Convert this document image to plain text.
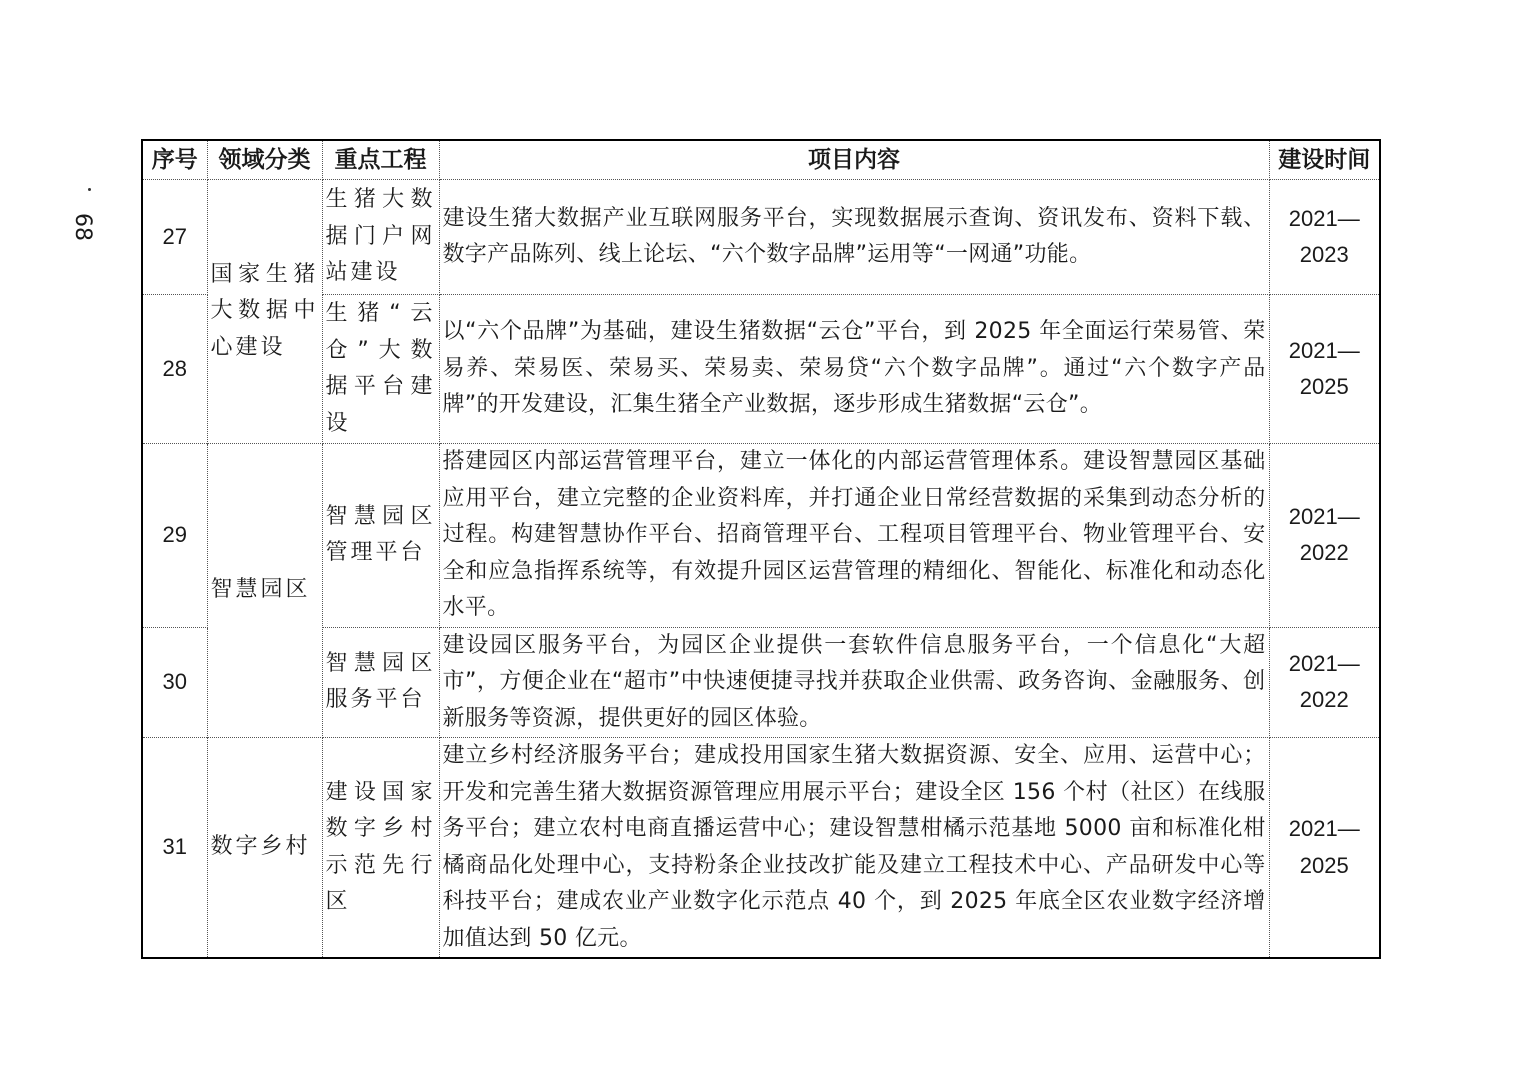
68
序号	领域分类	重点工程	项目内容	建设时间
27	国家生猪大数据中心建设	生猪大数据门户网站建设	建设生猪大数据产业互联网服务平台，实现数据展示查询、资讯发布、资料下载、数字产品陈列、线上论坛、“六个数字品牌”运用等“一网通”功能。	2021—
2023

28		生猪“云仓”大数据平台建设	以“六个品牌”为基础，建设生猪数据“云仓”平台，到 2025 年全面运行荣易管、荣易养、荣易医、荣易买、荣易卖、荣易贷“六个数字品牌”。通过“六个数字产品牌”的开发建设，汇集生猪全产业数据，逐步形成生猪数据“云仓”。	2021—
2025

29	智慧园区	智慧园区管理平台	搭建园区内部运营管理平台，建立一体化的内部运营管理体系。建设智慧园区基础应用平台，建立完整的企业资料库，并打通企业日常经营数据的采集到动态分析的过程。构建智慧协作平台、招商管理平台、工程项目管理平台、物业管理平台、安全和应急指挥系统等，有效提升园区运营管理的精细化、智能化、标准化和动态化水平。	2021—
2022

30		智慧园区服务平台	建设园区服务平台，为园区企业提供一套软件信息服务平台，一个信息化“大超市”，方便企业在“超市”中快速便捷寻找并获取企业供需、政务咨询、金融服务、创新服务等资源，提供更好的园区体验。	2021—
2022

31	数字乡村	建设国家数字乡村示范先行区	建立乡村经济服务平台；建成投用国家生猪大数据资源、安全、应用、运营中心；开发和完善生猪大数据资源管理应用展示平台；建设全区 156 个村（社区）在线服务平台；建立农村电商直播运营中心；建设智慧柑橘示范基地 5000 亩和标准化柑橘商品化处理中心，支持粉条企业技改扩能及建立工程技术中心、产品研发中心等科技平台；建成农业产业数字化示范点 40 个，到 2025 年底全区农业数字经济增加值达到 50 亿元。	2021—
2025
